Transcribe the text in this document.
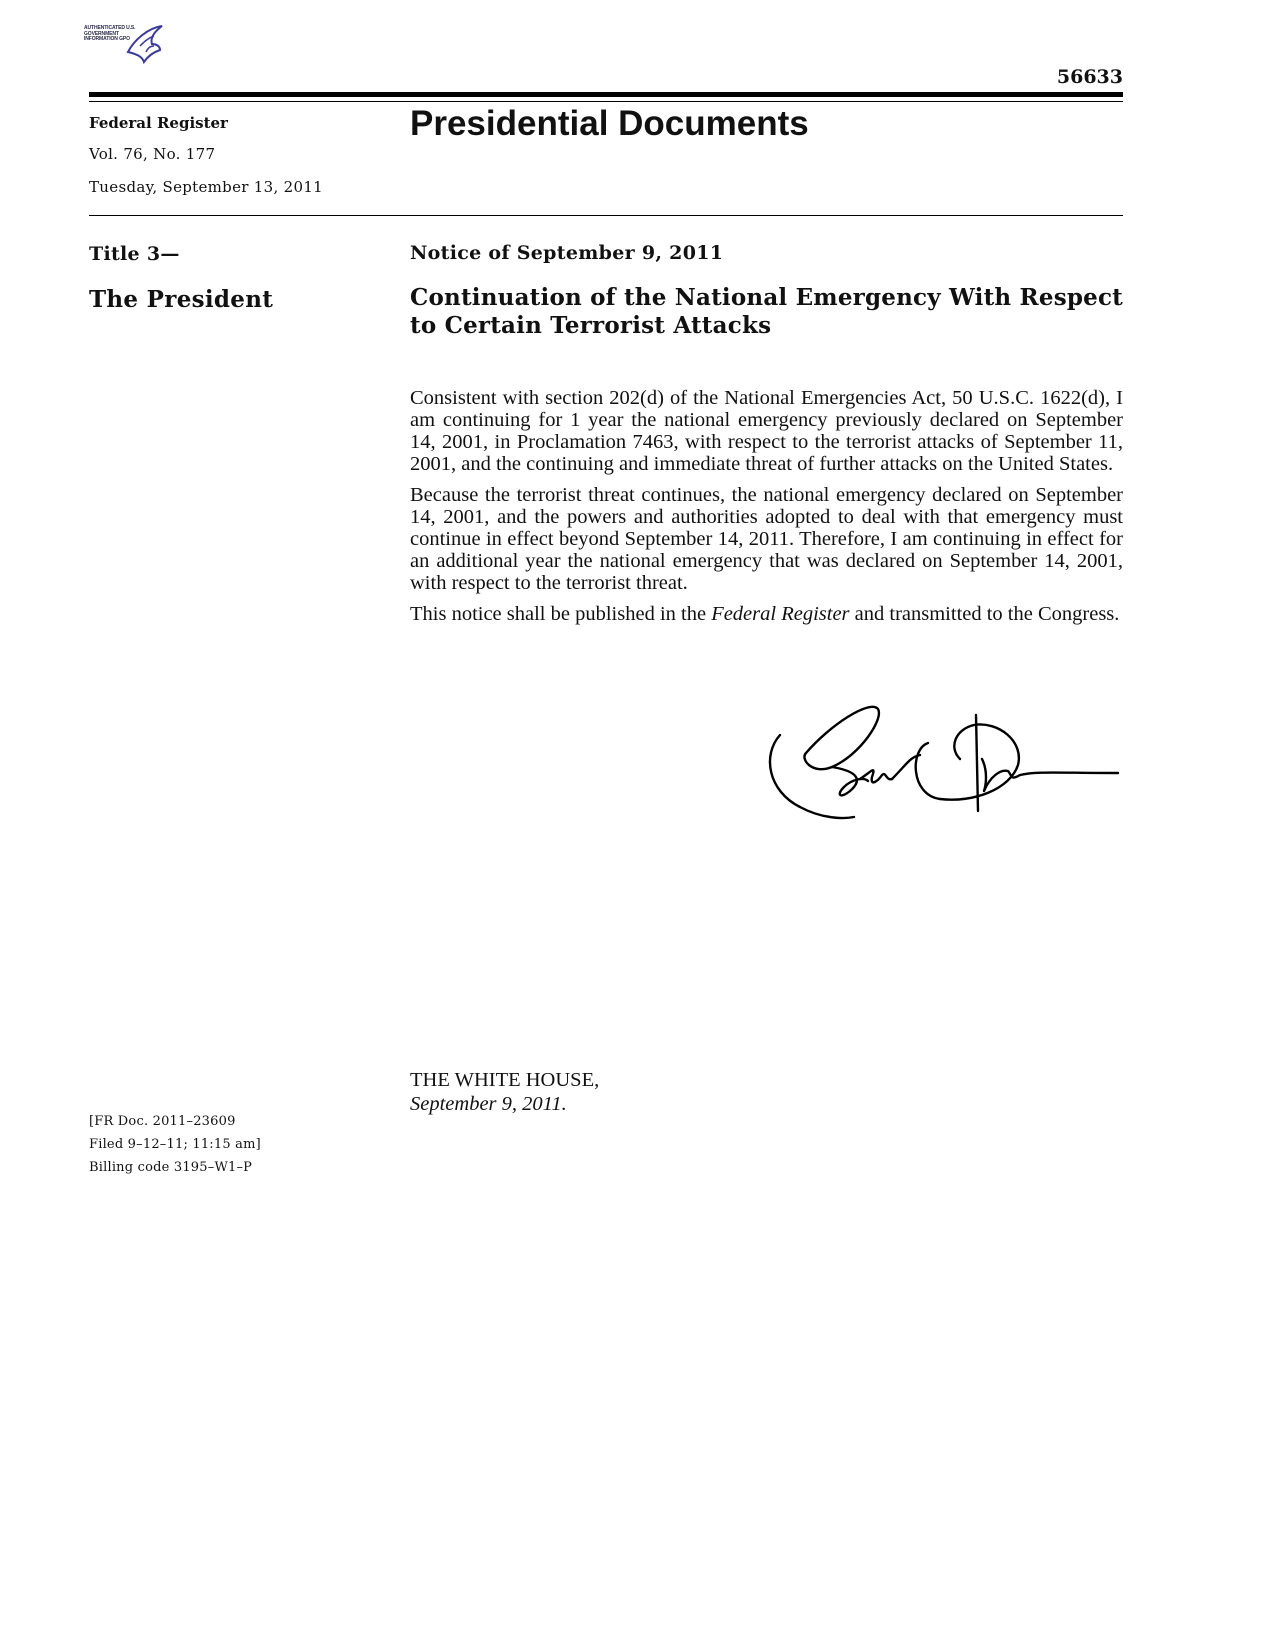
AUTHENTICATED U.S. GOVERNMENT INFORMATION GPO
56633
Federal Register
Vol. 76, No. 177
Tuesday, September 13, 2011
Presidential Documents
Title 3—
The President
Notice of September 9, 2011
Continuation of the National Emergency With Respect to Certain Terrorist Attacks

Consistent with section 202(d) of the National Emergencies Act, 50 U.S.C. 1622(d), I am continuing for 1 year the national emergency previously declared on September 14, 2001, in Proclamation 7463, with respect to the terrorist attacks of September 11, 2001, and the continuing and immediate threat of further attacks on the United States.

Because the terrorist threat continues, the national emergency declared on September 14, 2001, and the powers and authorities adopted to deal with that emergency must continue in effect beyond September 14, 2011. Therefore, I am continuing in effect for an additional year the national emergency that was declared on September 14, 2001, with respect to the terrorist threat.

This notice shall be published in the Federal Register and transmitted to the Congress.

THE WHITE HOUSE,
September 9, 2011.
[FR Doc. 2011–23609
Filed 9–12–11; 11:15 am]
Billing code 3195–W1–P
